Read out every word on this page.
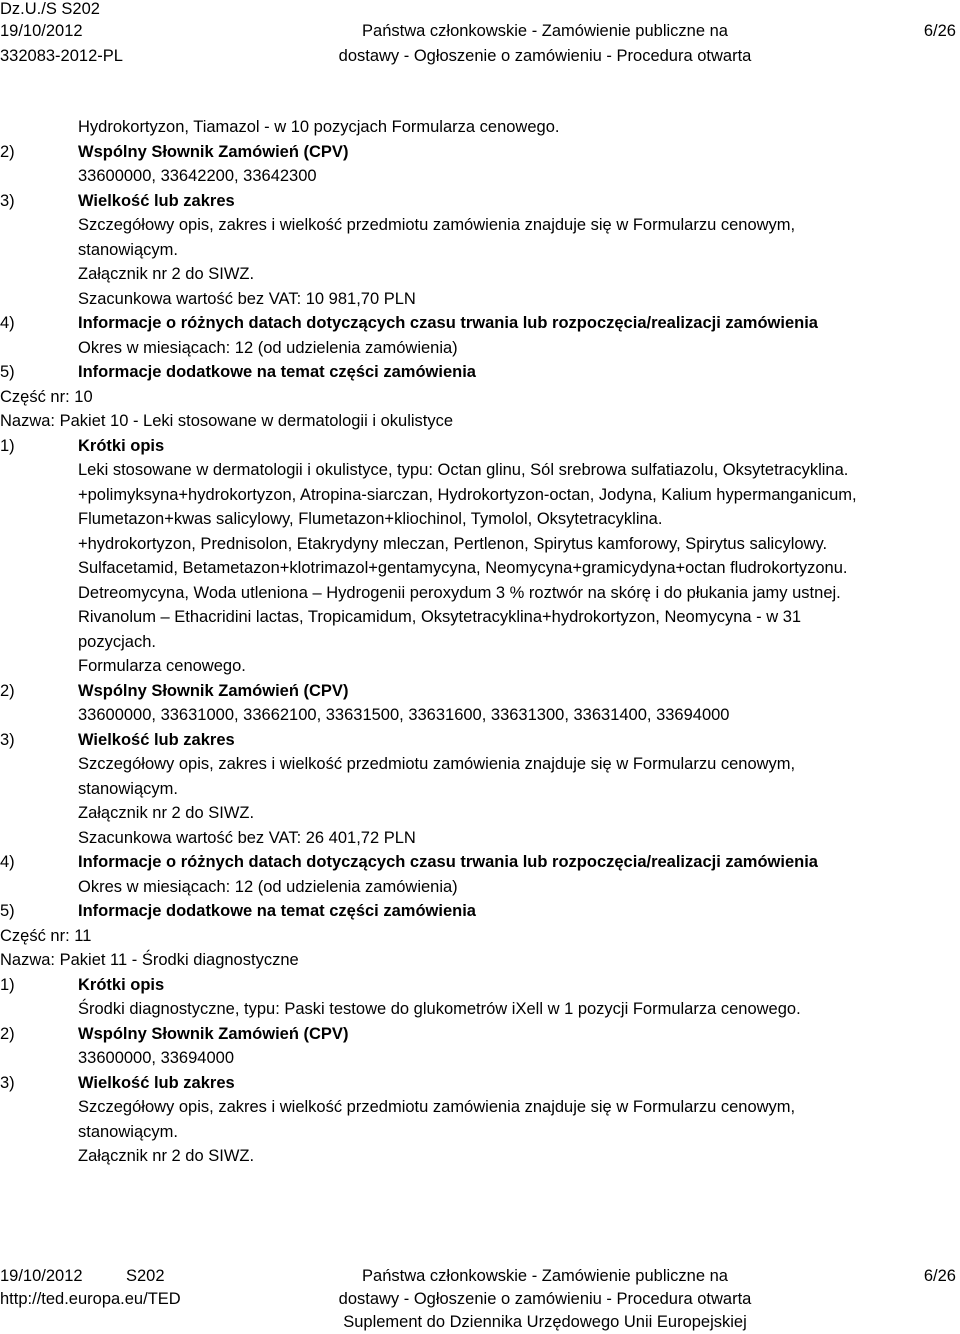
Dz.U./S S202
19/10/2012
332083-2012-PL
Państwa członkowskie - Zamówienie publiczne na
dostawy - Ogłoszenie o zamówieniu - Procedura otwarta
6/26
Hydrokortyzon, Tiamazol - w 10 pozycjach Formularza cenowego.
2)	Wspólny Słownik Zamówień (CPV)
33600000, 33642200, 33642300
3)	Wielkość lub zakres
Szczegółowy opis, zakres i wielkość przedmiotu zamówienia znajduje się w Formularzu cenowym,
stanowiącym.
Załącznik nr 2 do SIWZ.
Szacunkowa wartość bez VAT: 10 981,70 PLN
4)	Informacje o różnych datach dotyczących czasu trwania lub rozpoczęcia/realizacji zamówienia
Okres w miesiącach: 12 (od udzielenia zamówienia)
5)	Informacje dodatkowe na temat części zamówienia
Część nr: 10
Nazwa: Pakiet 10 - Leki stosowane w dermatologii i okulistyce
1)	Krótki opis
Leki stosowane w dermatologii i okulistyce, typu: Octan glinu, Sól srebrowa sulfatiazolu, Oksytetracyklina.
+polimyksyna+hydrokortyzon, Atropina-siarczan, Hydrokortyzon-octan, Jodyna, Kalium hypermanganicum,
Flumetazon+kwas salicylowy, Flumetazon+kliochinol, Tymolol, Oksytetracyklina.
+hydrokortyzon, Prednisolon, Etakrydyny mleczan, Pertlenon, Spirytus kamforowy, Spirytus salicylowy.
Sulfacetamid, Betametazon+klotrimazol+gentamycyna, Neomycyna+gramicydyna+octan fludrokortyzonu.
Detreomycyna, Woda utleniona – Hydrogenii peroxydum 3 % roztwór na skórę i do płukania jamy ustnej.
Rivanolum – Ethacridini lactas, Tropicamidum, Oksytetracyklina+hydrokortyzon, Neomycyna - w 31
pozycjach.
Formularza cenowego.
2)	Wspólny Słownik Zamówień (CPV)
33600000, 33631000, 33662100, 33631500, 33631600, 33631300, 33631400, 33694000
3)	Wielkość lub zakres
Szczegółowy opis, zakres i wielkość przedmiotu zamówienia znajduje się w Formularzu cenowym,
stanowiącym.
Załącznik nr 2 do SIWZ.
Szacunkowa wartość bez VAT: 26 401,72 PLN
4)	Informacje o różnych datach dotyczących czasu trwania lub rozpoczęcia/realizacji zamówienia
Okres w miesiącach: 12 (od udzielenia zamówienia)
5)	Informacje dodatkowe na temat części zamówienia
Część nr: 11
Nazwa: Pakiet 11 - Środki diagnostyczne
1)	Krótki opis
Środki diagnostyczne, typu: Paski testowe do glukometrów iXell w 1 pozycji Formularza cenowego.
2)	Wspólny Słownik Zamówień (CPV)
33600000, 33694000
3)	Wielkość lub zakres
Szczegółowy opis, zakres i wielkość przedmiotu zamówienia znajduje się w Formularzu cenowym,
stanowiącym.
Załącznik nr 2 do SIWZ.
19/10/2012	S202
http://ted.europa.eu/TED
Państwa członkowskie - Zamówienie publiczne na
dostawy - Ogłoszenie o zamówieniu - Procedura otwarta
Suplement do Dziennika Urzędowego Unii Europejskiej
6/26
